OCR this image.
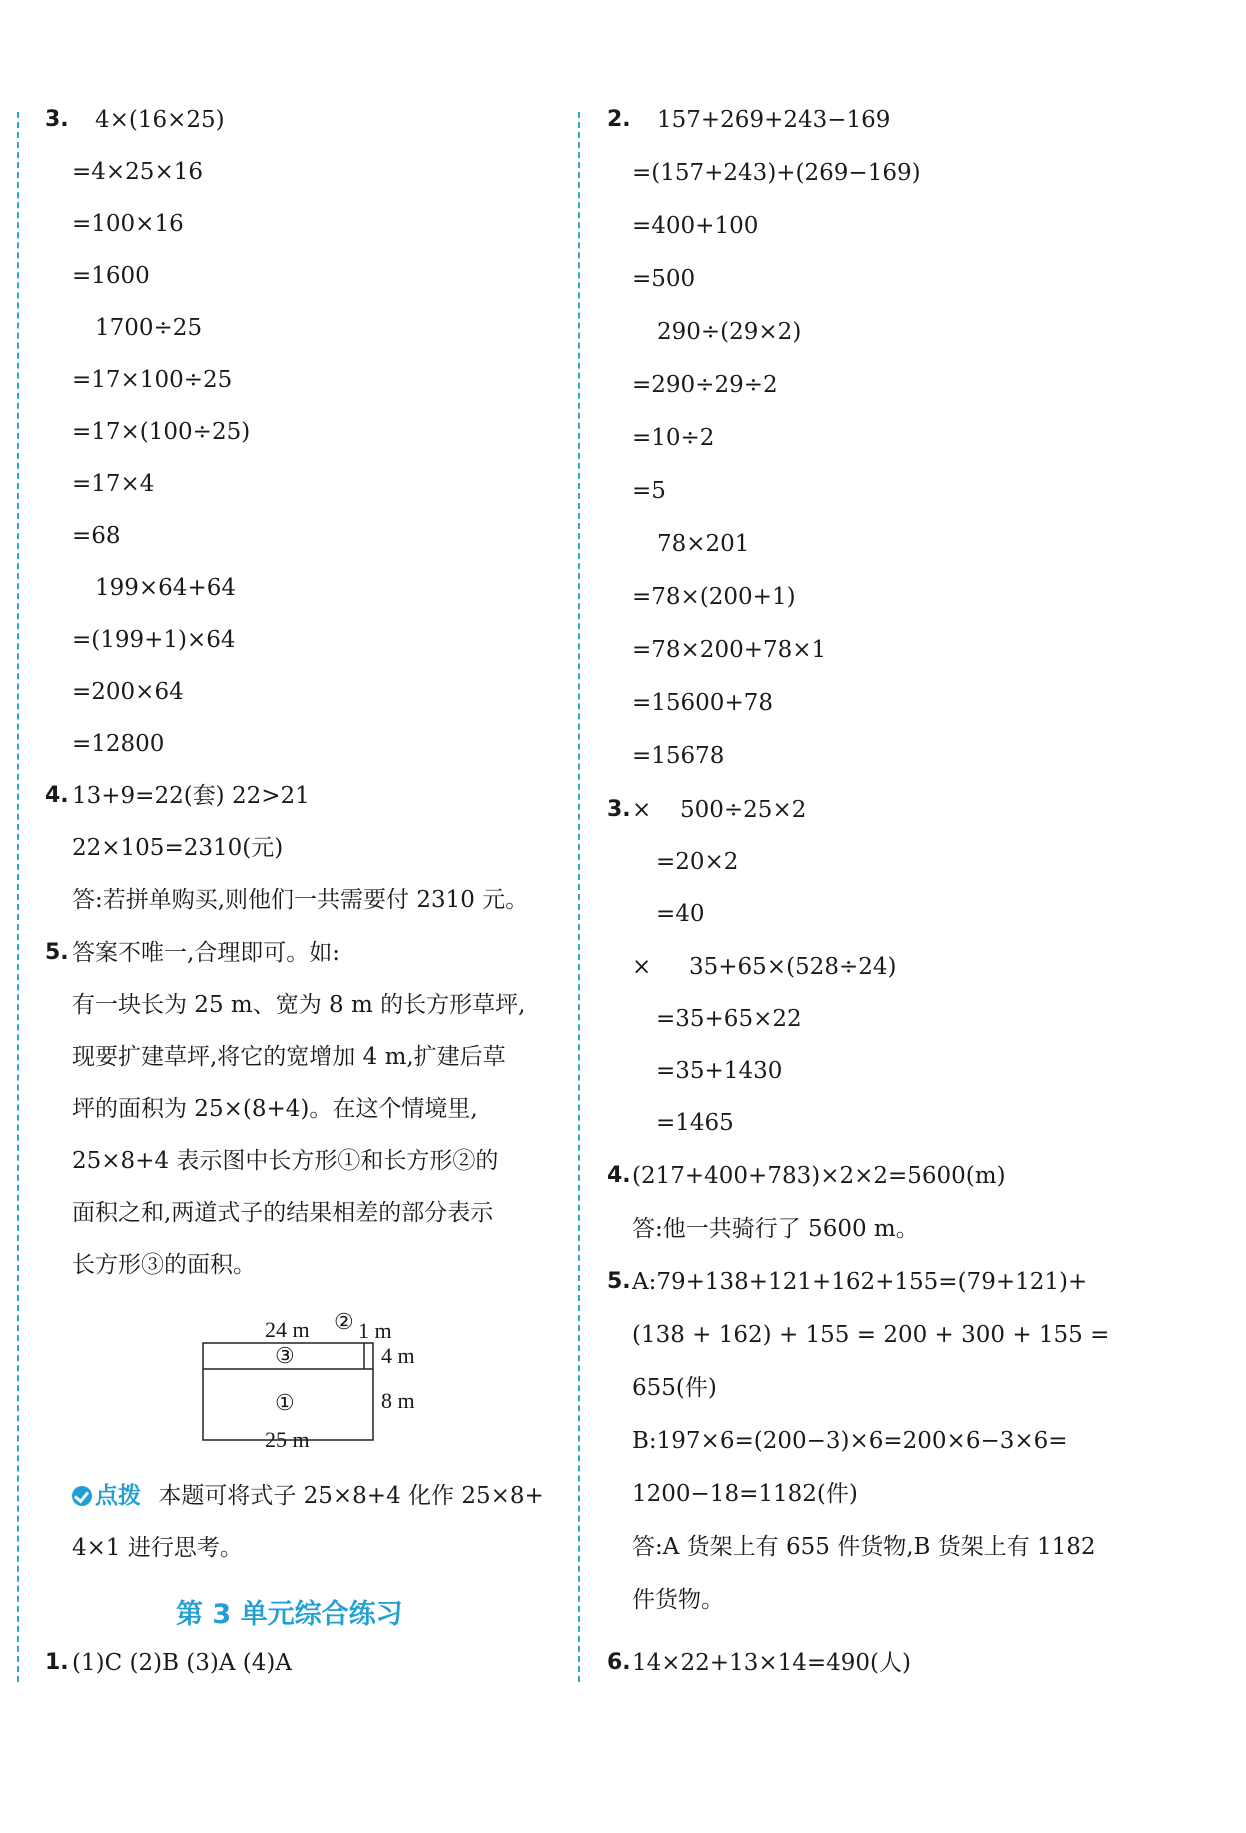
3. 4×(16×25)
=4×25×16
=100×16
=1600
1700÷25
=17×100÷25
=17×(100÷25)
=17×4
=68
199×64+64
=(199+1)×64
=200×64
=12800
4. 13+9=22(套) 22>21
22×105=2310(元)
答:若拼单购买,则他们一共需要付 2310 元。
5. 答案不唯一,合理即可。如:
有一块长为 25 m、宽为 8 m 的长方形草坪,
现要扩建草坪,将它的宽增加 4 m,扩建后草
坪的面积为 25×(8+4)。在这个情境里,
25×8+4 表示图中长方形①和长方形②的
面积之和,两道式子的结果相差的部分表示
长方形③的面积。
24 m ② 1 m
③	4 m
①	8 m
25 m
点拨 本题可将式子 25×8+4 化作 25×8+
4×1 进行思考。
第 3 单元综合练习
1. (1)C (2)B (3)A (4)A
2. 157+269+243−169
=(157+243)+(269−169)
=400+100
=500
290÷(29×2)
=290÷29÷2
=10÷2
=5
78×201
=78×(200+1)
=78×200+78×1
=15600+78
=15678
3. × 500÷25×2
=20×2
=40
× 35+65×(528÷24)
=35+65×22
=35+1430
=1465
4. (217+400+783)×2×2=5600(m)
答:他一共骑行了 5600 m。
5. A:79+138+121+162+155=(79+121)+
(138 + 162) + 155 = 200 + 300 + 155 =
655(件)
B:197×6=(200−3)×6=200×6−3×6=
1200−18=1182(件)
答:A 货架上有 655 件货物,B 货架上有 1182
件货物。
6. 14×22+13×14=490(人)
